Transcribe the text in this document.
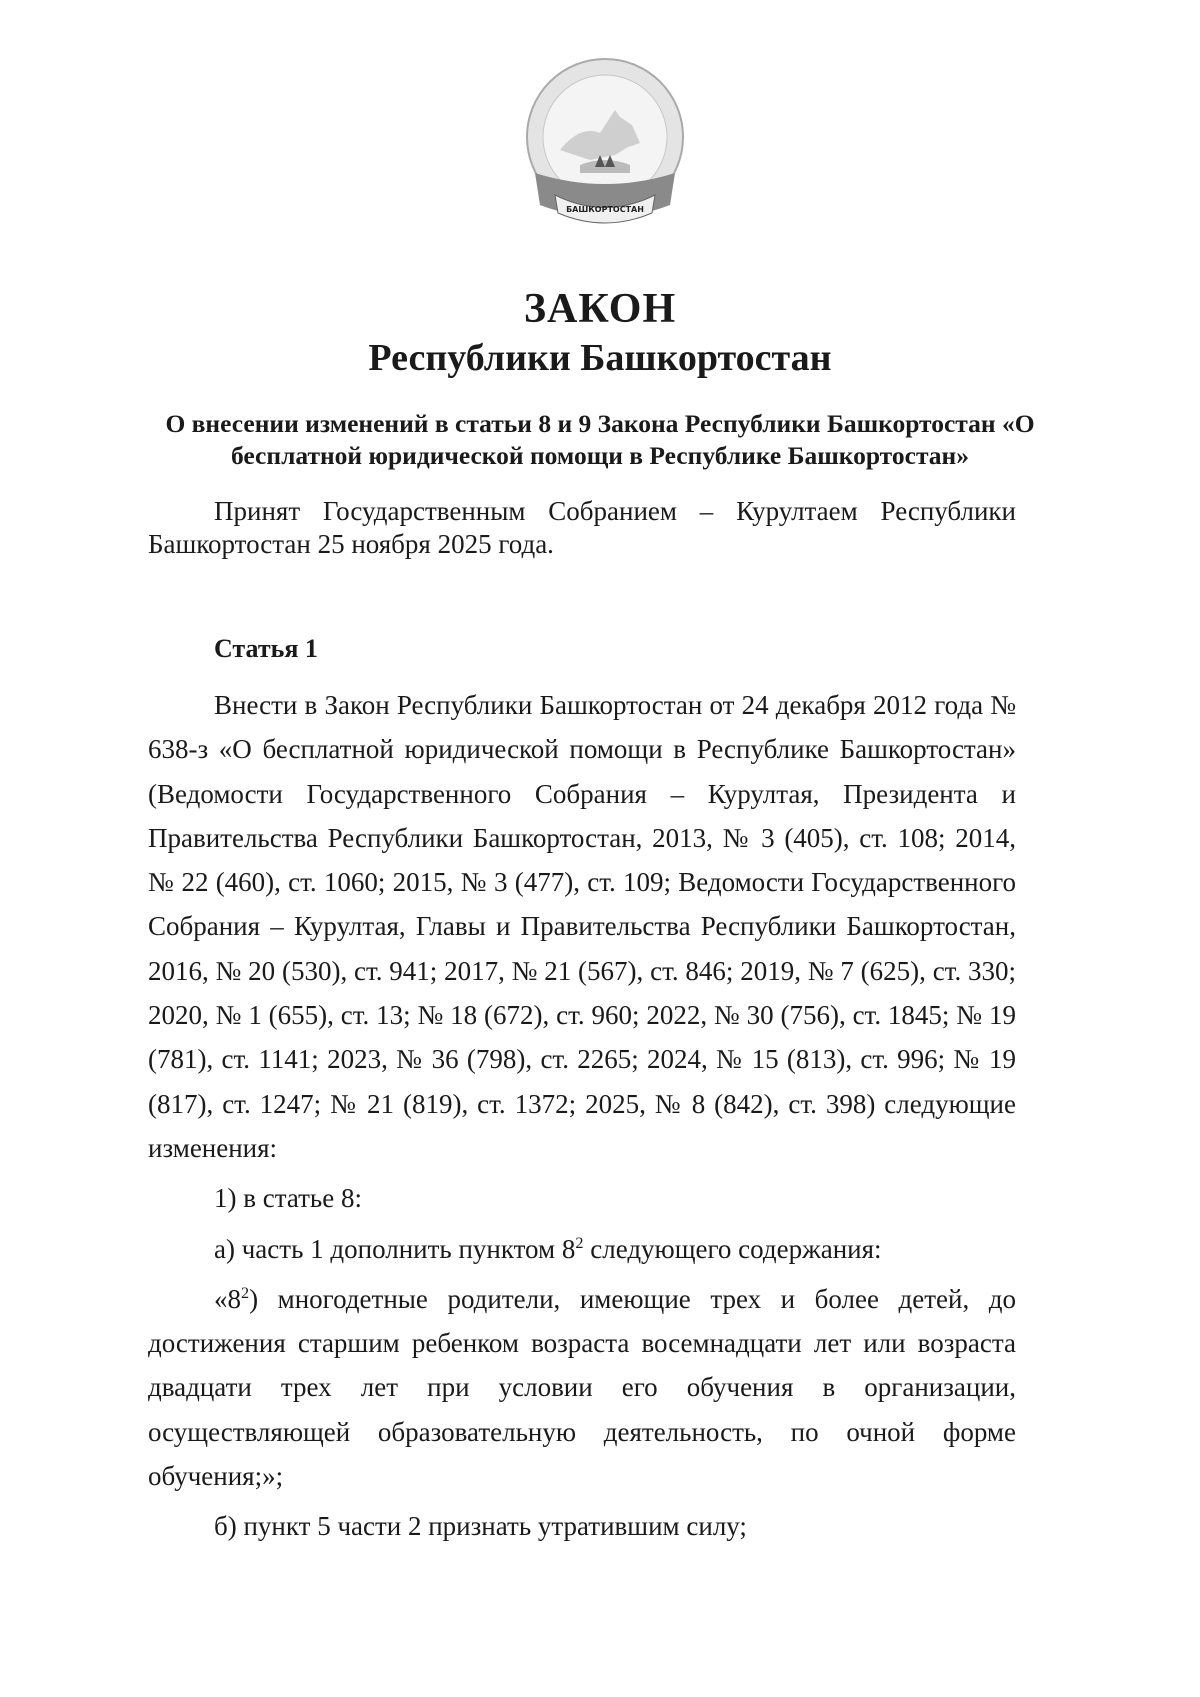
БАШКОРТОСТАН
ЗАКОН
Республики Башкортостан
О внесении изменений в статьи 8 и 9 Закона Республики Башкортостан «О бесплатной юридической помощи в Республике Башкортостан»

Принят Государственным Собранием – Курултаем Республики Башкортостан 25 ноября 2025 года.

Статья 1

Внести в Закон Республики Башкортостан от 24 декабря 2012 года № 638-з «О бесплатной юридической помощи в Республике Башкортостан» (Ведомости Государственного Собрания – Курултая, Президента и Правительства Республики Башкортостан, 2013, № 3 (405), ст. 108; 2014, № 22 (460), ст. 1060; 2015, № 3 (477), ст. 109; Ведомости Государственного Собрания – Курултая, Главы и Правительства Республики Башкортостан, 2016, № 20 (530), ст. 941; 2017, № 21 (567), ст. 846; 2019, № 7 (625), ст. 330; 2020, № 1 (655), ст. 13; № 18 (672), ст. 960; 2022, № 30 (756), ст. 1845; № 19 (781), ст. 1141; 2023, № 36 (798), ст. 2265; 2024, № 15 (813), ст. 996; № 19 (817), ст. 1247; № 21 (819), ст. 1372; 2025, № 8 (842), ст. 398) следующие изменения:

1) в статье 8:

а) часть 1 дополнить пунктом $8^2$ следующего содержания:

«$8^2$) многодетные родители, имеющие трех и более детей, до достижения старшим ребенком возраста восемнадцати лет или возраста двадцати трех лет при условии его обучения в организации, осуществляющей образовательную деятельность, по очной форме обучения;»;

б) пункт 5 части 2 признать утратившим силу;
